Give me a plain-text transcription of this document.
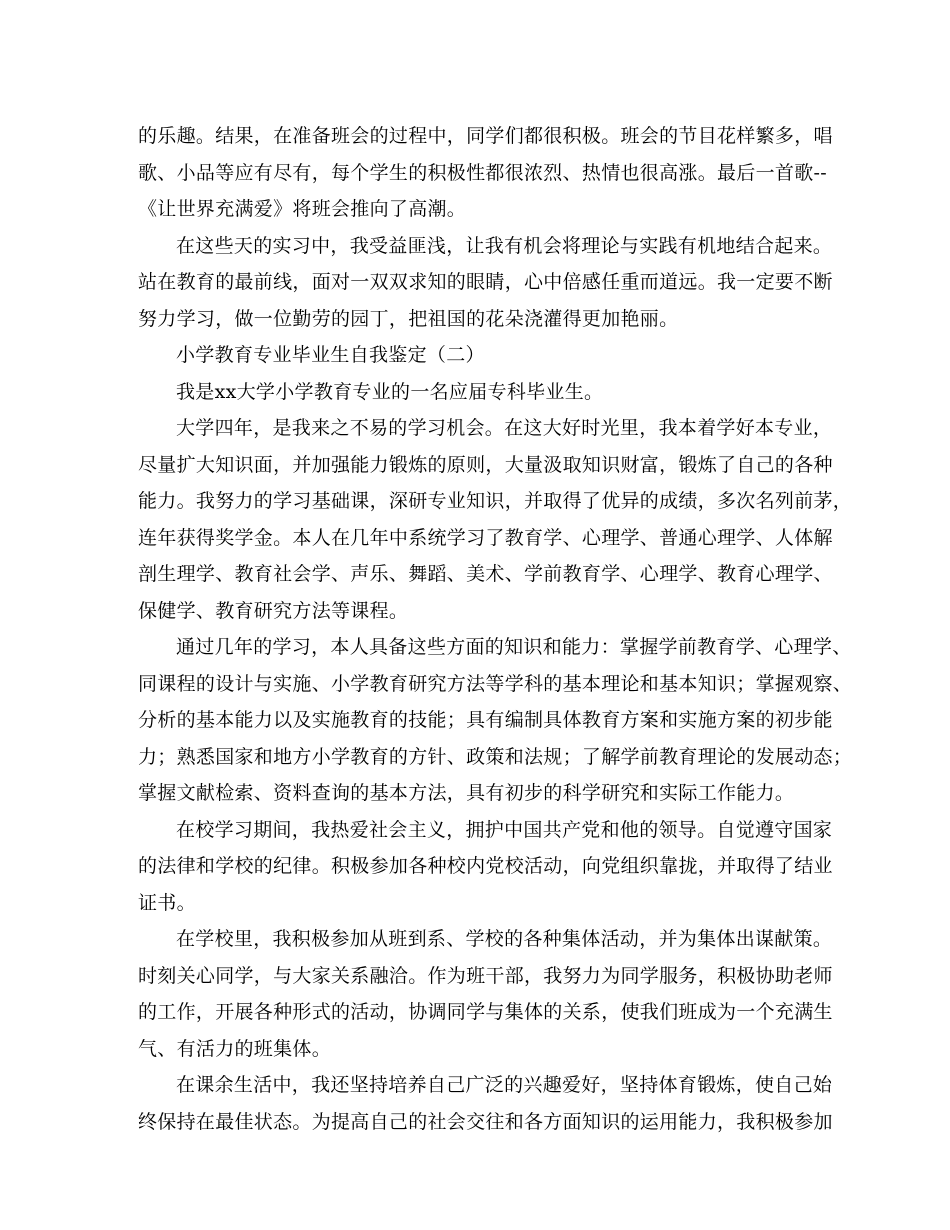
的乐趣。结果，在准备班会的过程中，同学们都很积极。班会的节目花样繁多，唱
歌、小品等应有尽有，每个学生的积极性都很浓烈、热情也很高涨。最后一首歌--
《让世界充满爱》将班会推向了高潮。
在这些天的实习中，我受益匪浅，让我有机会将理论与实践有机地结合起来。
站在教育的最前线，面对一双双求知的眼睛，心中倍感任重而道远。我一定要不断
努力学习，做一位勤劳的园丁，把祖国的花朵浇灌得更加艳丽。
小学教育专业毕业生自我鉴定（二）
我是xx大学小学教育专业的一名应届专科毕业生。
大学四年，是我来之不易的学习机会。在这大好时光里，我本着学好本专业，
尽量扩大知识面，并加强能力锻炼的原则，大量汲取知识财富，锻炼了自己的各种
能力。我努力的学习基础课，深研专业知识，并取得了优异的成绩，多次名列前茅，
连年获得奖学金。本人在几年中系统学习了教育学、心理学、普通心理学、人体解
剖生理学、教育社会学、声乐、舞蹈、美术、学前教育学、心理学、教育心理学、
保健学、教育研究方法等课程。
通过几年的学习，本人具备这些方面的知识和能力：掌握学前教育学、心理学、
同课程的设计与实施、小学教育研究方法等学科的基本理论和基本知识；掌握观察、
分析的基本能力以及实施教育的技能；具有编制具体教育方案和实施方案的初步能
力；熟悉国家和地方小学教育的方针、政策和法规；了解学前教育理论的发展动态；
掌握文献检索、资料查询的基本方法，具有初步的科学研究和实际工作能力。
在校学习期间，我热爱社会主义，拥护中国共产党和他的领导。自觉遵守国家
的法律和学校的纪律。积极参加各种校内党校活动，向党组织靠拢，并取得了结业
证书。
在学校里，我积极参加从班到系、学校的各种集体活动，并为集体出谋献策。
时刻关心同学，与大家关系融洽。作为班干部，我努力为同学服务，积极协助老师
的工作，开展各种形式的活动，协调同学与集体的关系，使我们班成为一个充满生
气、有活力的班集体。
在课余生活中，我还坚持培养自己广泛的兴趣爱好，坚持体育锻炼，使自己始
终保持在最佳状态。为提高自己的社会交往和各方面知识的运用能力，我积极参加
